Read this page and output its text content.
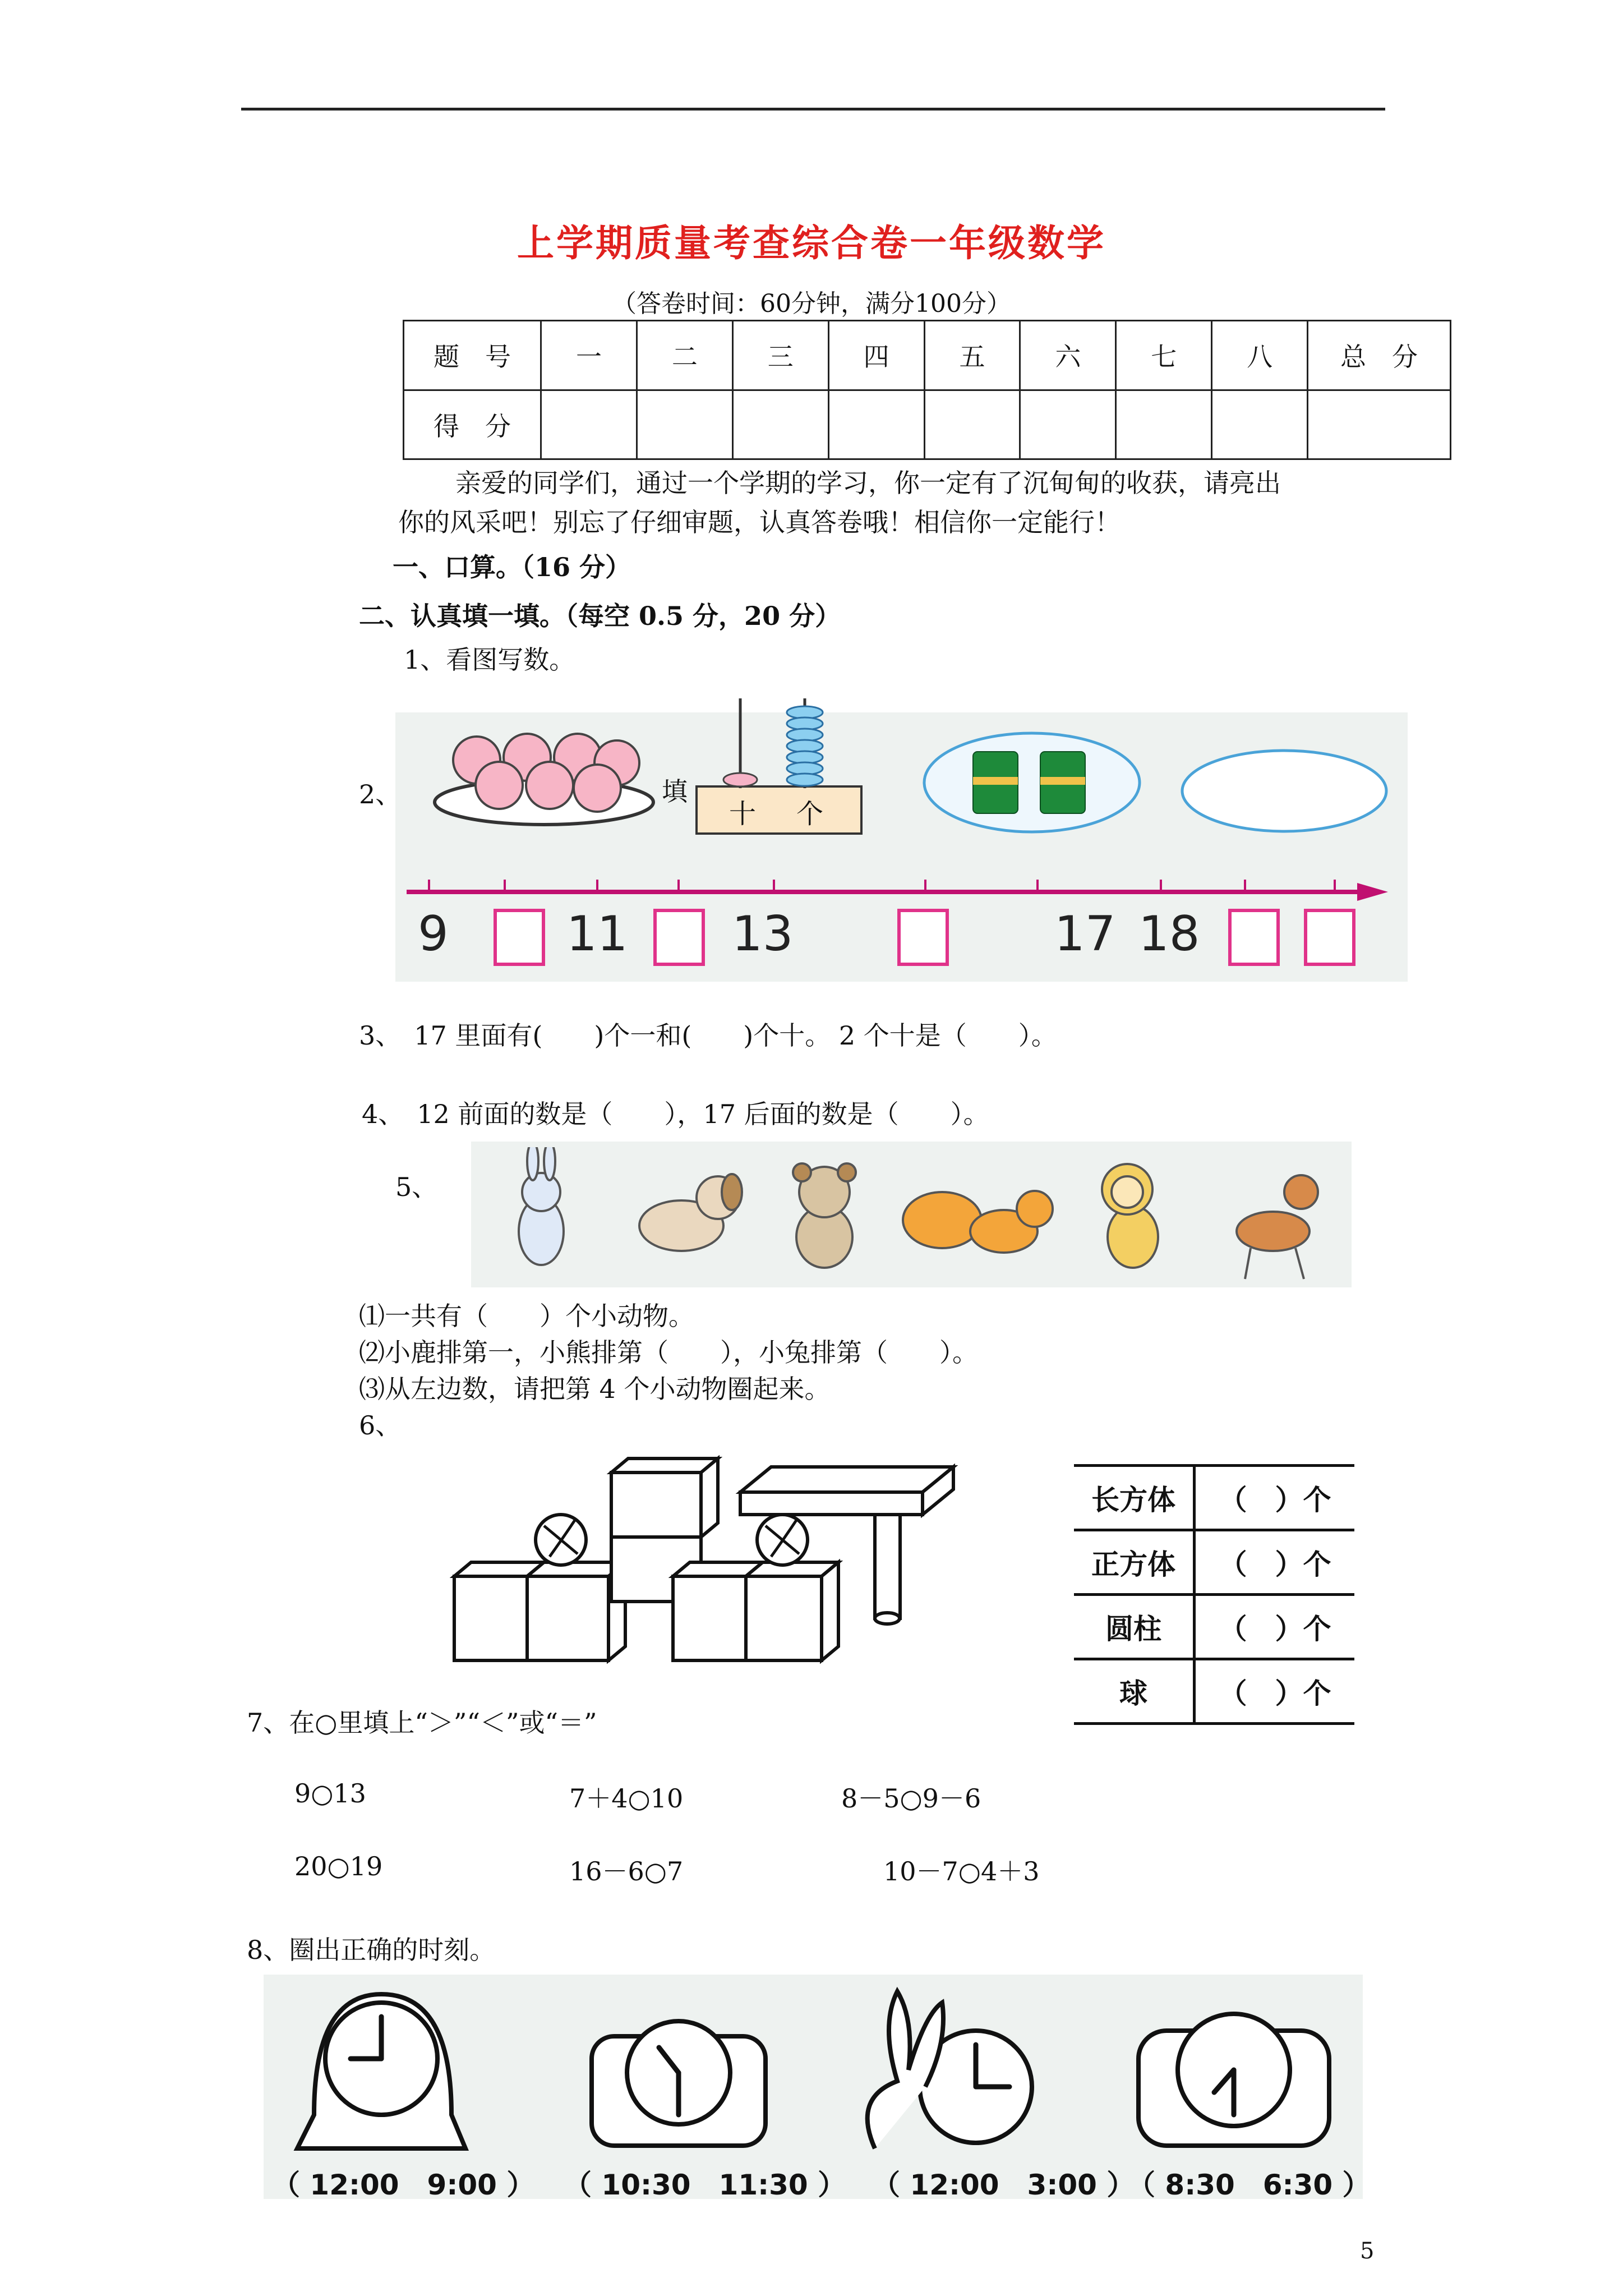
上学期质量考查综合卷一年级数学
（答卷时间：60分钟，满分100分）
题　号	一	二	三	四	五	六	七	八	总　分
得　分									
亲爱的同学们，通过一个学期的学习，你一定有了沉甸甸的收获，请亮出
你的风采吧！别忘了仔细审题，认真答卷哦！相信你一定能行！
一、口算。（16 分）
二、认真填一填。（每空 0.5 分，20 分）
1、看图写数。
2、	填
十 个
9 11 13	17 18
3、　17 里面有(　　)个一和(　　)个十。 2 个十是（　　）。
4、　12 前面的数是（　　），17 后面的数是（　　）。
5、
⑴一共有（　　）个小动物。
⑵小鹿排第一，小熊排第（　　），小兔排第（　　）。
⑶从左边数，请把第 4 个小动物圈起来。
6、
长方体	（　）个
正方体	（　）个
圆柱	（　）个
球	（　）个
7、在○里填上“＞”“＜”或“＝”
9○13	7＋4○10	8－5○9－6
20○19	16－6○7	10－7○4＋3
8、圈出正确的时刻。
（ 12:00　9:00 ） （ 10:30　11:30 ） （ 12:00　3:00 ）
（ 8:30　6:30 ）
5
